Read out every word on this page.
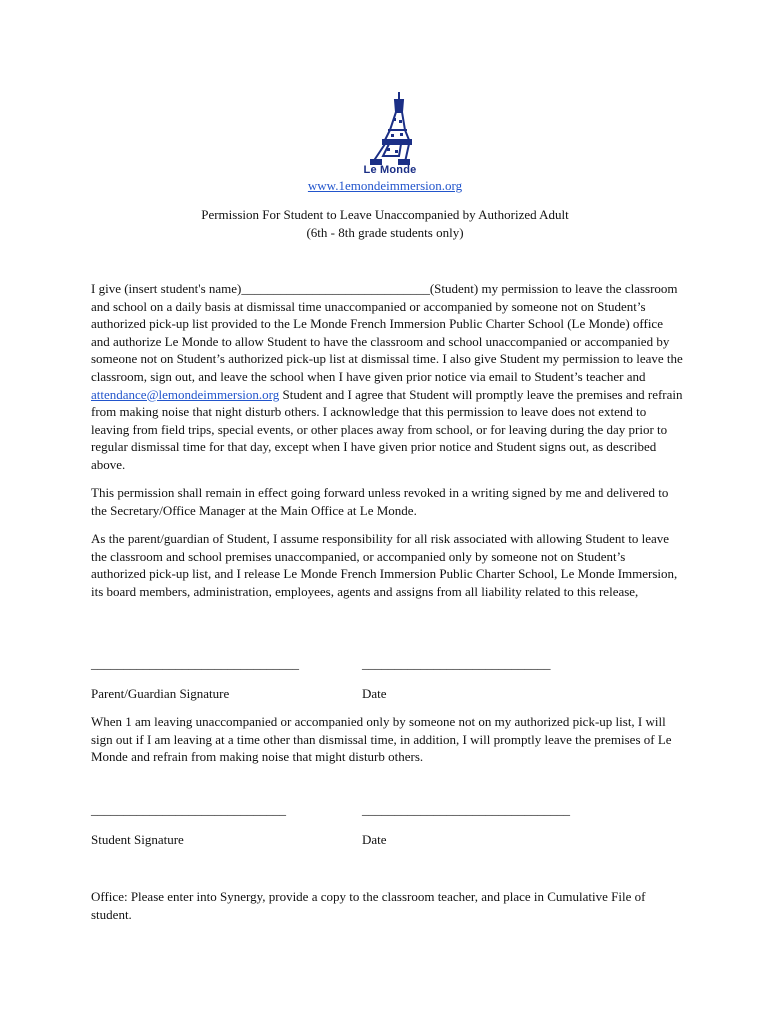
Le Monde
www.1emondeimmersion.org
Permission For Student to Leave Unaccompanied by Authorized Adult
(6th - 8th grade students only)

I give (insert student's name)_____________________________(Student) my permission to leave the classroom and school on a daily basis at dismissal time unaccompanied or accompanied by someone not on Student’s authorized pick-up list provided to the Le Monde French Immersion Public Charter School (Le Monde) office and authorize Le Monde to allow Student to have the classroom and school unaccompanied or accompanied by someone not on Student’s authorized pick-up list at dismissal time. I also give Student my permission to leave the classroom, sign out, and leave the school when I have given prior notice via email to Student’s teacher and attendance@lemondeimmersion.org Student and I agree that Student will promptly leave the premises and refrain from making noise that night disturb others. I acknowledge that this permission to leave does not extend to leaving from field trips, special events, or other places away from school, or for leaving during the day prior to regular dismissal time for that day, except when I have given prior notice and Student signs out, as described above.

This permission shall remain in effect going forward unless revoked in a writing signed by me and delivered to the Secretary/Office Manager at the Main Office at Le Monde.

As the parent/guardian of Student, I assume responsibility for all risk associated with allowing Student to leave the classroom and school premises unaccompanied, or accompanied only by someone not on Student’s authorized pick-up list, and I release Le Monde French Immersion Public Charter School, Le Monde Immersion, its board members, administration, employees, agents and assigns from all liability related to this release,

________________________________	_____________________________
Parent/Guardian Signature	Date

When 1 am leaving unaccompanied or accompanied only by someone not on my authorized pick-up list, I will sign out if I am leaving at a time other than dismissal time, in addition, I will promptly leave the premises of Le Monde and refrain from making noise that might disturb others.

______________________________	________________________________
Student Signature	Date

Office: Please enter into Synergy, provide a copy to the classroom teacher, and place in Cumulative File of student.
